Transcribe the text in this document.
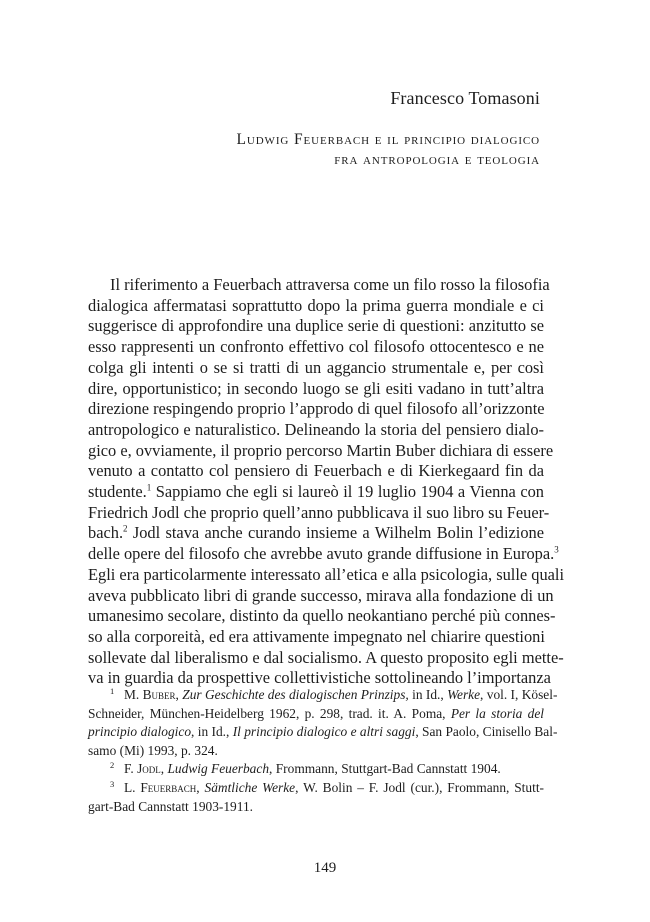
Francesco Tomasoni
Ludwig Feuerbach e il principio dialogico
fra antropologia e teologia
Il riferimento a Feuerbach attraversa come un filo rosso la filosofia
dialogica affermatasi soprattutto dopo la prima guerra mondiale e ci
suggerisce di approfondire una duplice serie di questioni: anzitutto se
esso rappresenti un confronto effettivo col filosofo ottocentesco e ne
colga gli intenti o se si tratti di un aggancio strumentale e, per così
dire, opportunistico; in secondo luogo se gli esiti vadano in tutt’altra
direzione respingendo proprio l’approdo di quel filosofo all’orizzonte
antropologico e naturalistico. Delineando la storia del pensiero dialo-
gico e, ovviamente, il proprio percorso Martin Buber dichiara di essere
venuto a contatto col pensiero di Feuerbach e di Kierkegaard fin da
studente.$^1$ Sappiamo che egli si laureò il 19 luglio 1904 a Vienna con
Friedrich Jodl che proprio quell’anno pubblicava il suo libro su Feuer-
bach.$^2$ Jodl stava anche curando insieme a Wilhelm Bolin l’edizione
delle opere del filosofo che avrebbe avuto grande diffusione in Europa.$^3$
Egli era particolarmente interessato all’etica e alla psicologia, sulle quali
aveva pubblicato libri di grande successo, mirava alla fondazione di un
umanesimo secolare, distinto da quello neokantiano perché più connes-
so alla corporeità, ed era attivamente impegnato nel chiarire questioni
sollevate dal liberalismo e dal socialismo. A questo proposito egli mette-
va in guardia da prospettive collettivistiche sottolineando l’importanza
1 M. Buber, Zur Geschichte des dialogischen Prinzips, in Id., Werke, vol. I, Kösel-
Schneider, München-Heidelberg 1962, p. 298, trad. it. A. Poma, Per la storia del
principio dialogico, in Id., Il principio dialogico e altri saggi, San Paolo, Cinisello Bal-
samo (Mi) 1993, p. 324.
2 F. Jodl, Ludwig Feuerbach, Frommann, Stuttgart-Bad Cannstatt 1904.
3 L. Feuerbach, Sämtliche Werke, W. Bolin – F. Jodl (cur.), Frommann, Stutt-
gart-Bad Cannstatt 1903-1911.
149
